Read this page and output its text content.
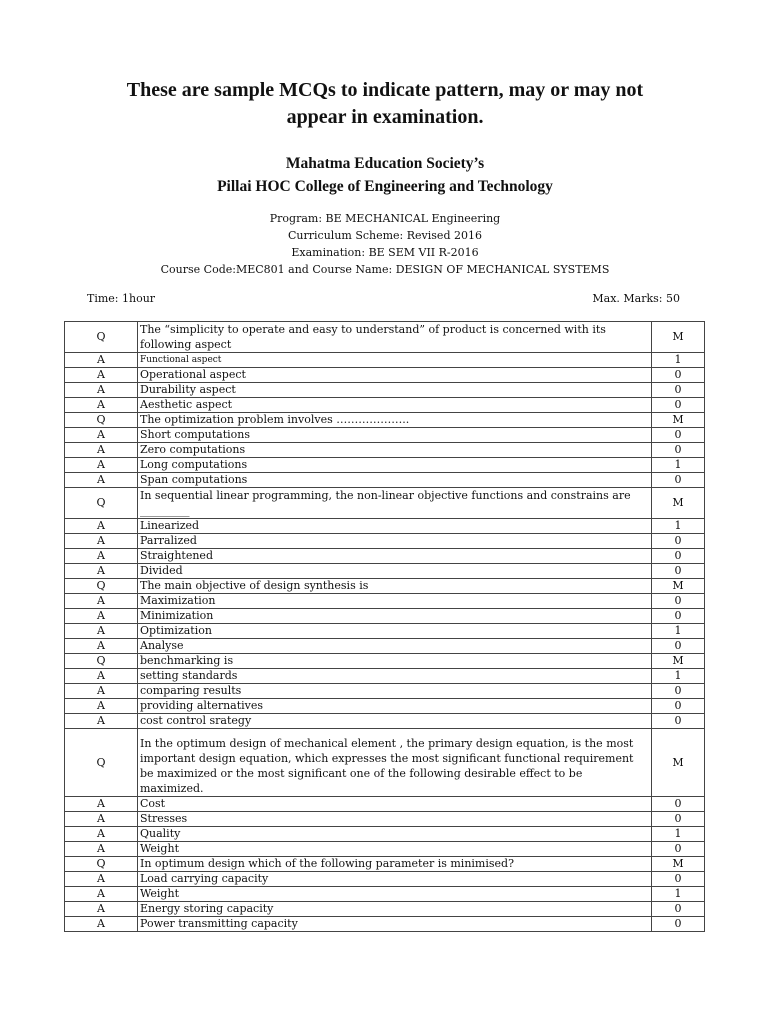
These are sample MCQs to indicate pattern, may or may not
appear in examination.
Mahatma Education Society’s
Pillai HOC College of Engineering and Technology
Program: BE MECHANICAL Engineering
Curriculum Scheme: Revised 2016
Examination: BE SEM VII R-2016
Course Code:MEC801 and Course Name: DESIGN OF MECHANICAL SYSTEMS
Time: 1hour	Max. Marks: 50
Q	The “simplicity to operate and easy to understand” of product is concerned with its following aspect	M
A	Functional aspect	1
A	Operational aspect	0
A	Durability aspect	0
A	Aesthetic aspect	0
Q	The optimization problem involves ………………..	M
A	Short computations	0
A	Zero computations	0
A	Long computations	1
A	Span computations	0
Q	In sequential linear programming, the non-linear objective functions and constrains are _________	M
A	Linearized	1
A	Parralized	0
A	Straightened	0
A	Divided	0
Q	The main objective of design synthesis is	M
A	Maximization	0
A	Minimization	0
A	Optimization	1
A	Analyse	0
Q	benchmarking is	M
A	setting standards	1
A	comparing results	0
A	providing alternatives	0
A	cost control srategy	0
Q	In the optimum design of mechanical element , the primary design equation, is the most important design equation, which expresses the most significant functional requirement be maximized or the most significant one of the following desirable effect to be maximized.	M
A	Cost	0
A	Stresses	0
A	Quality	1
A	Weight	0
Q	In optimum design which of the following parameter is minimised?	M
A	Load carrying capacity	0
A	Weight	1
A	Energy storing capacity	0
A	Power transmitting capacity	0
